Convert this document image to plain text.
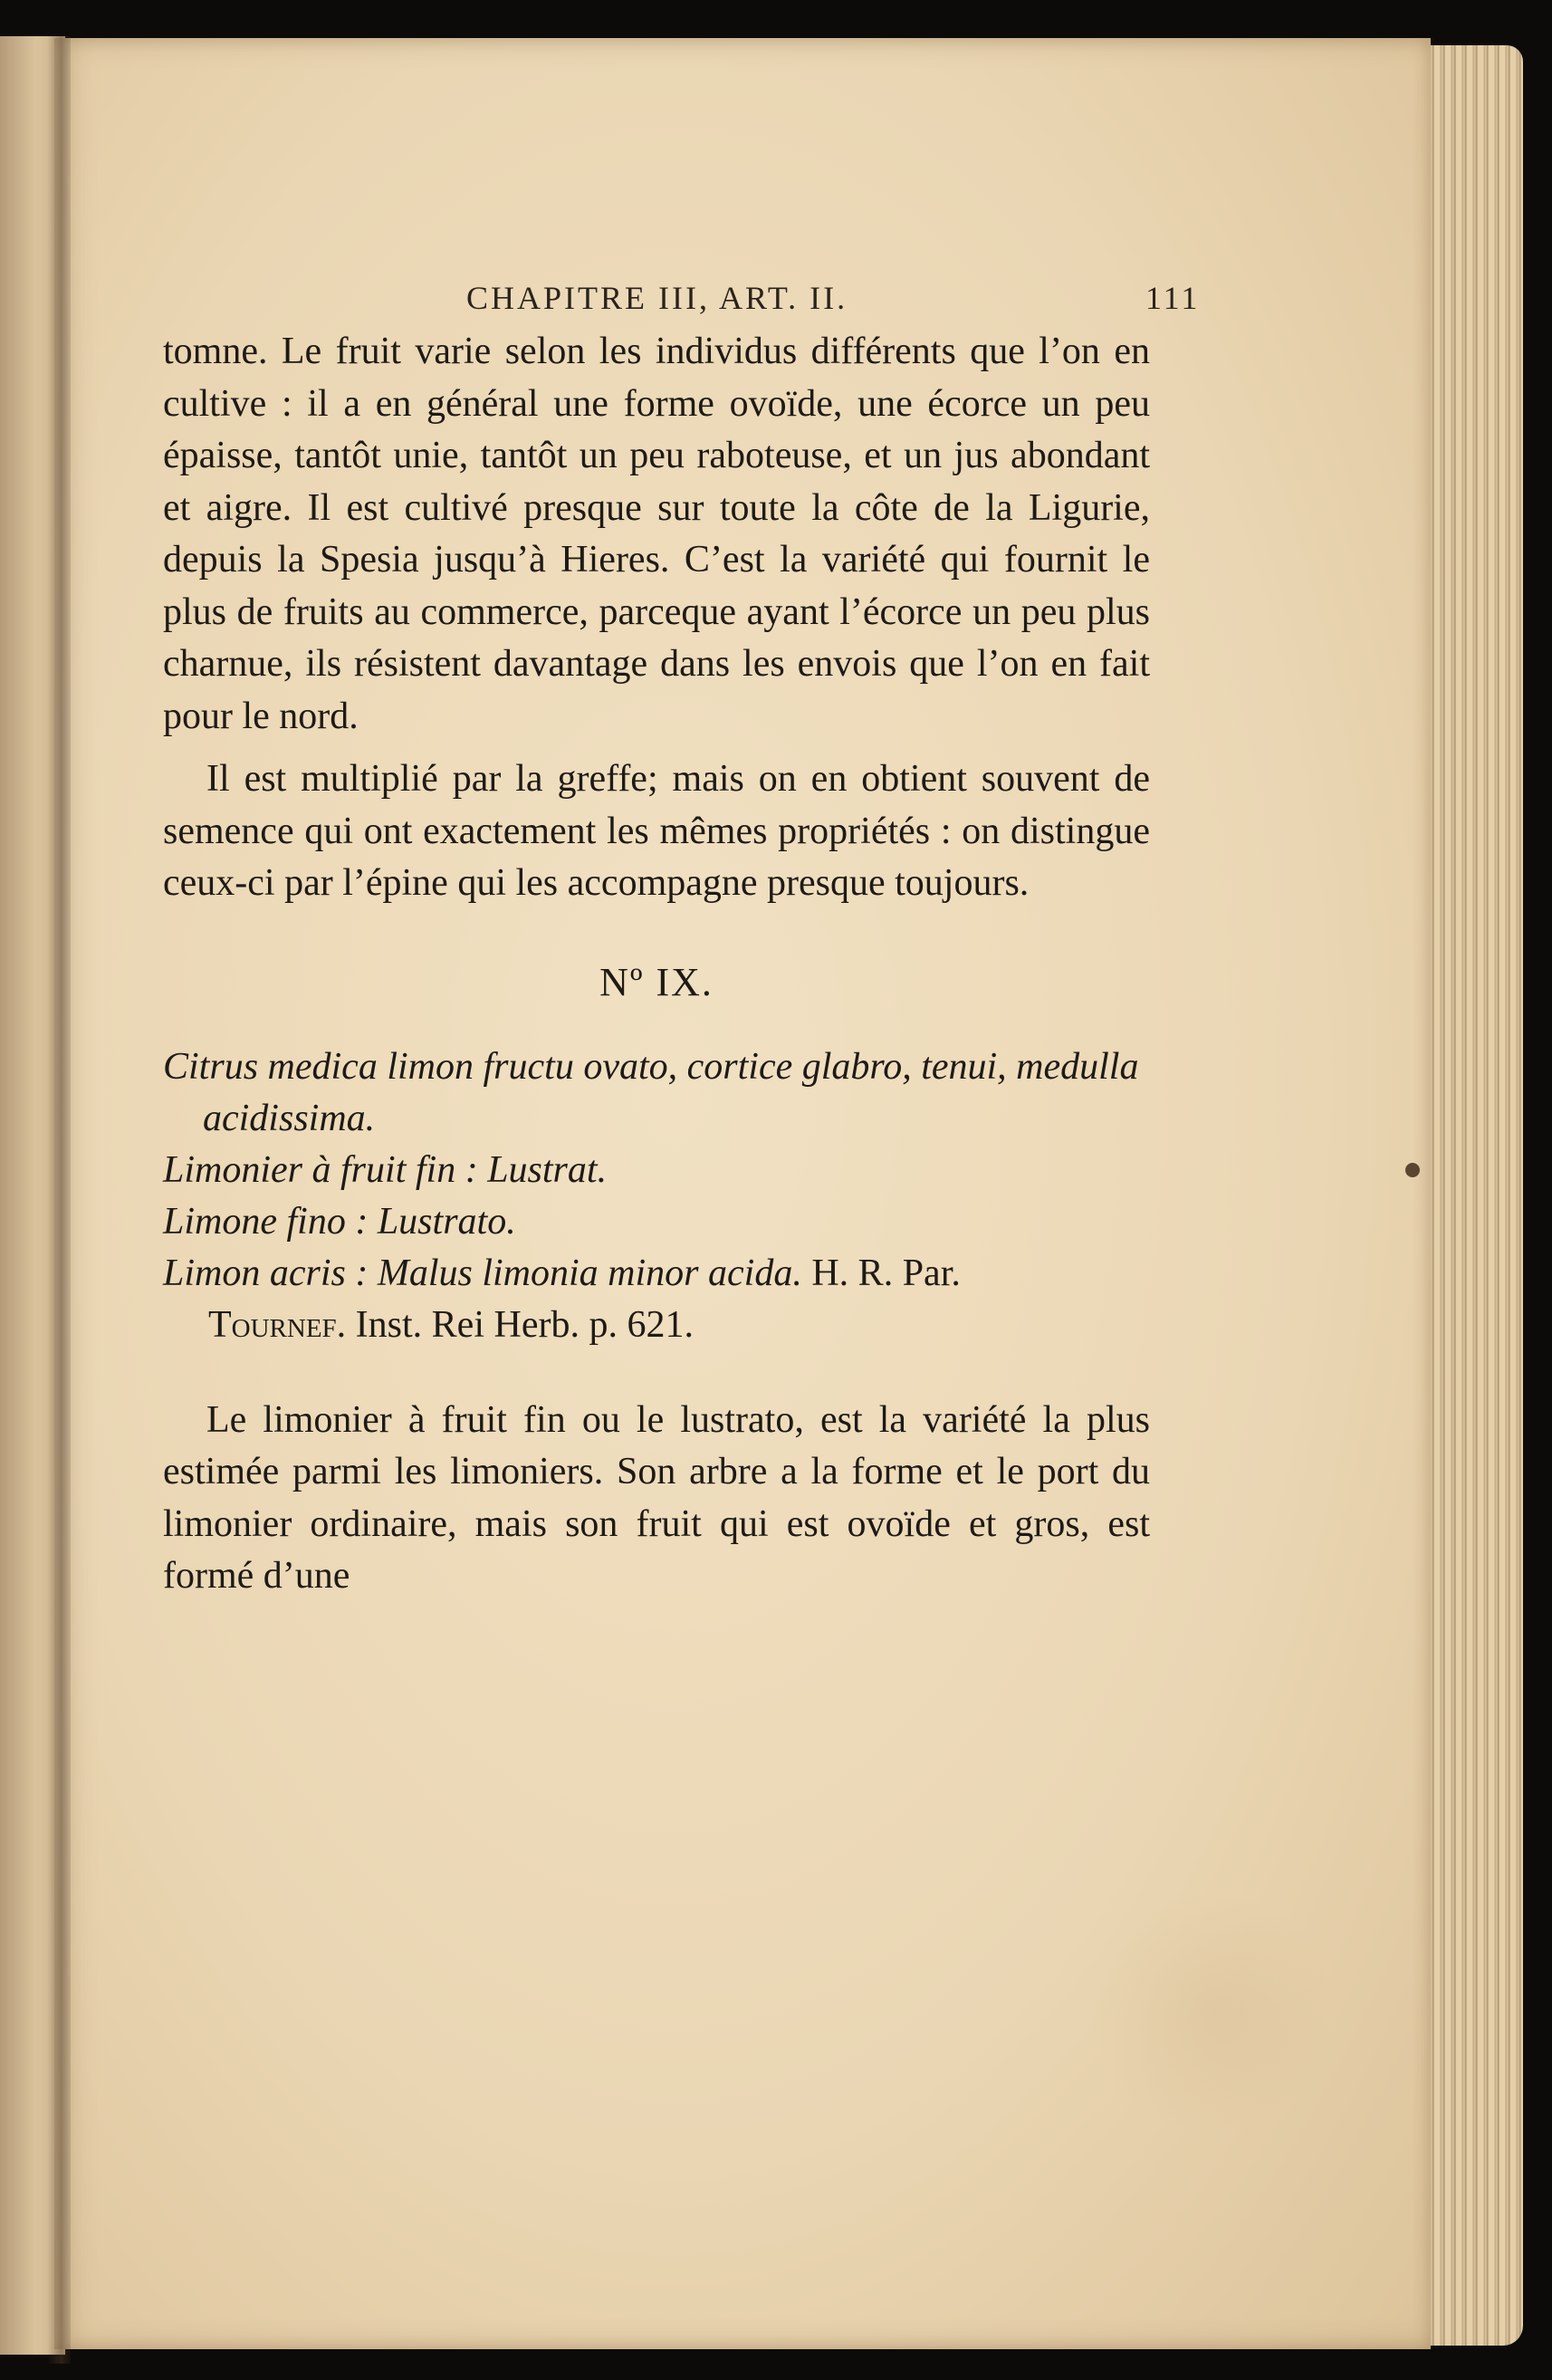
CHAPITRE III, ART. II.	111

tomne. Le fruit varie selon les individus différents que l’on en cultive : il a en général une forme ovoïde, une écorce un peu épaisse, tantôt unie, tantôt un peu raboteuse, et un jus abondant et aigre. Il est cultivé presque sur toute la côte de la Ligurie, depuis la Spesia jusqu’à Hieres. C’est la variété qui fournit le plus de fruits au commerce, parceque ayant l’écorce un peu plus charnue, ils résistent davantage dans les envois que l’on en fait pour le nord.

Il est multiplié par la greffe; mais on en obtient souvent de semence qui ont exactement les mêmes propriétés : on distingue ceux-ci par l’épine qui les accompagne presque toujours.

Nº IX.

Citrus medica limon fructu ovato, cortice glabro, tenui, medulla acidissima.

Limonier à fruit fin : Lustrat.

Limone fino : Lustrato.

Limon acris : Malus limonia minor acida. H. R. Par.

Tournef. Inst. Rei Herb. p. 621.

Le limonier à fruit fin ou le lustrato, est la variété la plus estimée parmi les limoniers. Son arbre a la forme et le port du limonier ordinaire, mais son fruit qui est ovoïde et gros, est formé d’une
